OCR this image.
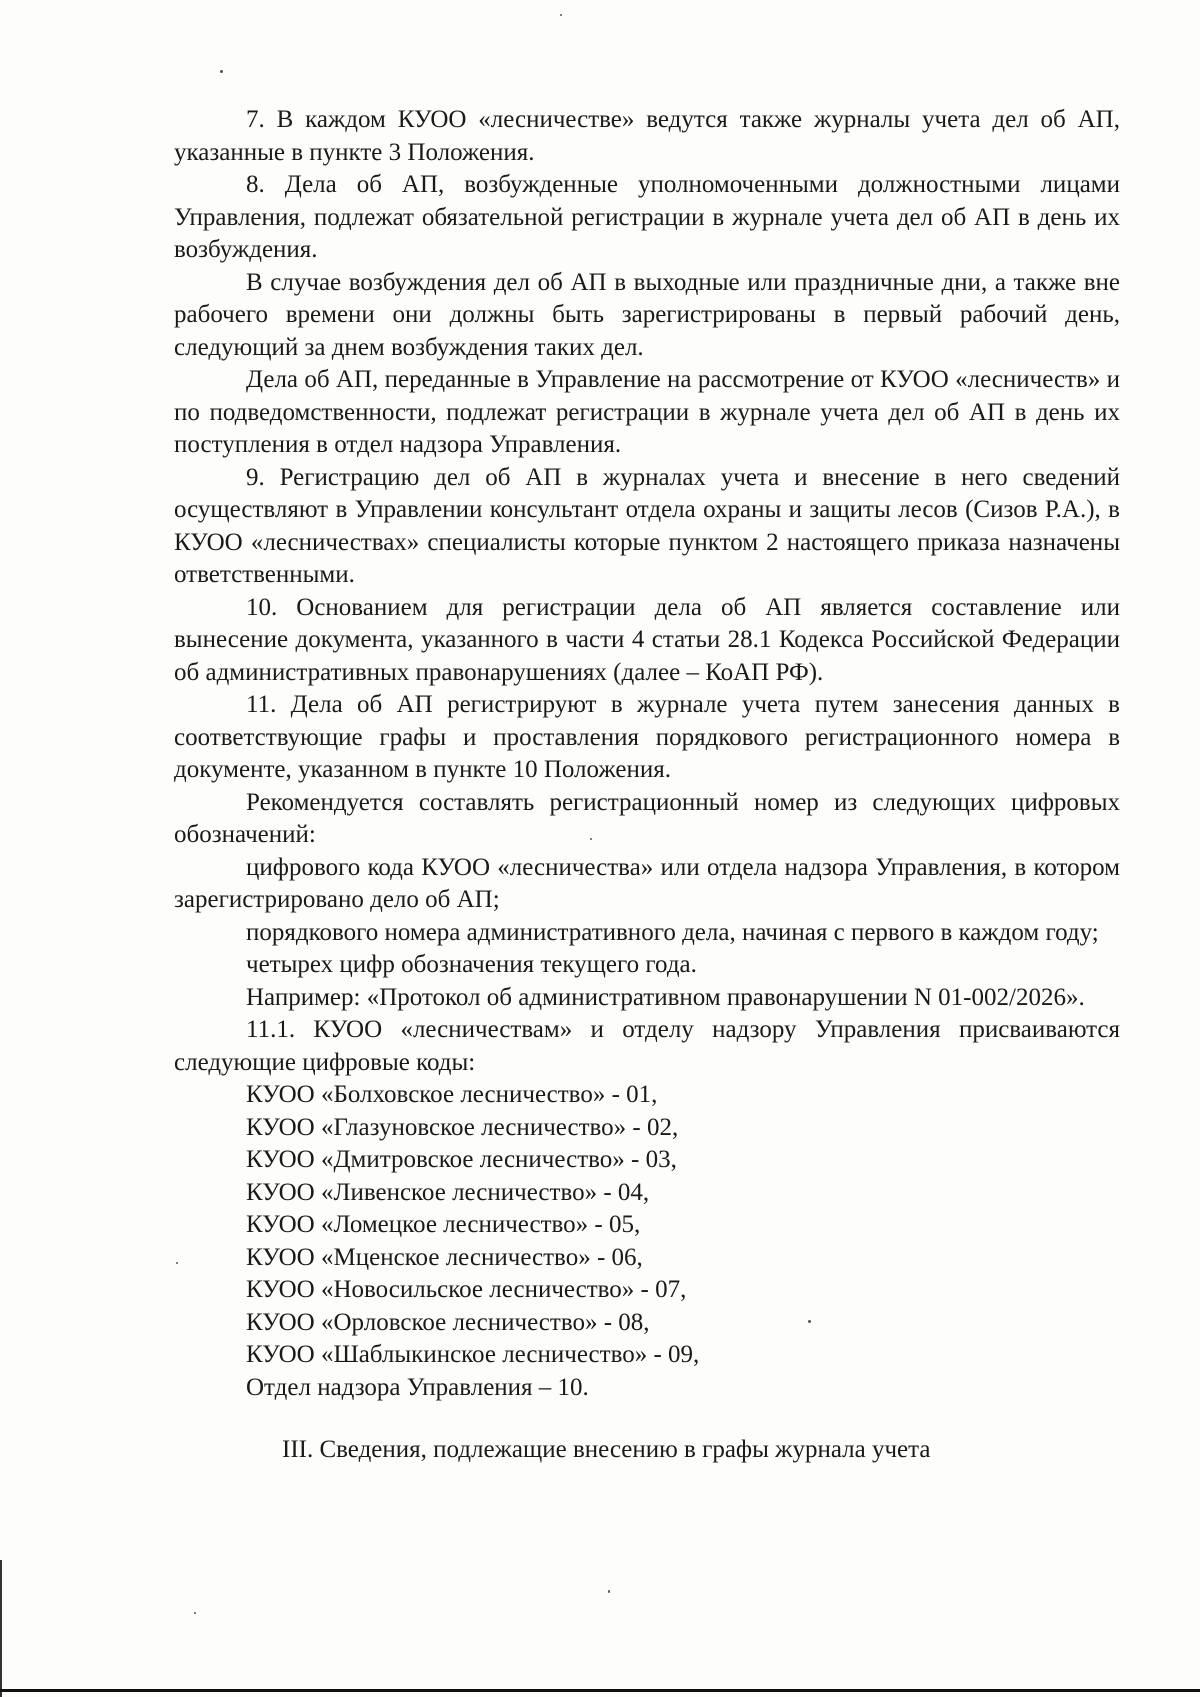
7. В каждом КУОО «лесничестве» ведутся также журналы учета дел об АП, указанные в пункте 3 Положения.

8. Дела об АП, возбужденные уполномоченными должностными лицами Управления, подлежат обязательной регистрации в журнале учета дел об АП в день их возбуждения.

В случае возбуждения дел об АП в выходные или праздничные дни, а также вне рабочего времени они должны быть зарегистрированы в первый рабочий день, следующий за днем возбуждения таких дел.

Дела об АП, переданные в Управление на рассмотрение от КУОО «лесничеств» и по подведомственности, подлежат регистрации в журнале учета дел об АП в день их поступления в отдел надзора Управления.

9. Регистрацию дел об АП в журналах учета и внесение в него сведений осуществляют в Управлении консультант отдела охраны и защиты лесов (Сизов Р.А.), в КУОО «лесничествах» специалисты которые пунктом 2 настоящего приказа назначены ответственными.

10. Основанием для регистрации дела об АП является составление или вынесение документа, указанного в части 4 статьи 28.1 Кодекса Российской Федерации об административных правонарушениях (далее – КоАП РФ).

11. Дела об АП регистрируют в журнале учета путем занесения данных в соответствующие графы и проставления порядкового регистрационного номера в документе, указанном в пункте 10 Положения.

Рекомендуется составлять регистрационный номер из следующих цифровых обозначений:

цифрового кода КУОО «лесничества» или отдела надзора Управления, в котором зарегистрировано дело об АП;

порядкового номера административного дела, начиная с первого в каждом году;

четырех цифр обозначения текущего года.

Например: «Протокол об административном правонарушении N 01-002/2026».

11.1. КУОО «лесничествам» и отделу надзору Управления присваиваются следующие цифровые коды:

КУОО «Болховское лесничество» - 01,

КУОО «Глазуновское лесничество» - 02,

КУОО «Дмитровское лесничество» - 03,

КУОО «Ливенское лесничество» - 04,

КУОО «Ломецкое лесничество» - 05,

КУОО «Мценское лесничество» - 06,

КУОО «Новосильское лесничество» - 07,

КУОО «Орловское лесничество» - 08,

КУОО «Шаблыкинское лесничество» - 09,

Отдел надзора Управления – 10.

III. Сведения, подлежащие внесению в графы журнала учета
